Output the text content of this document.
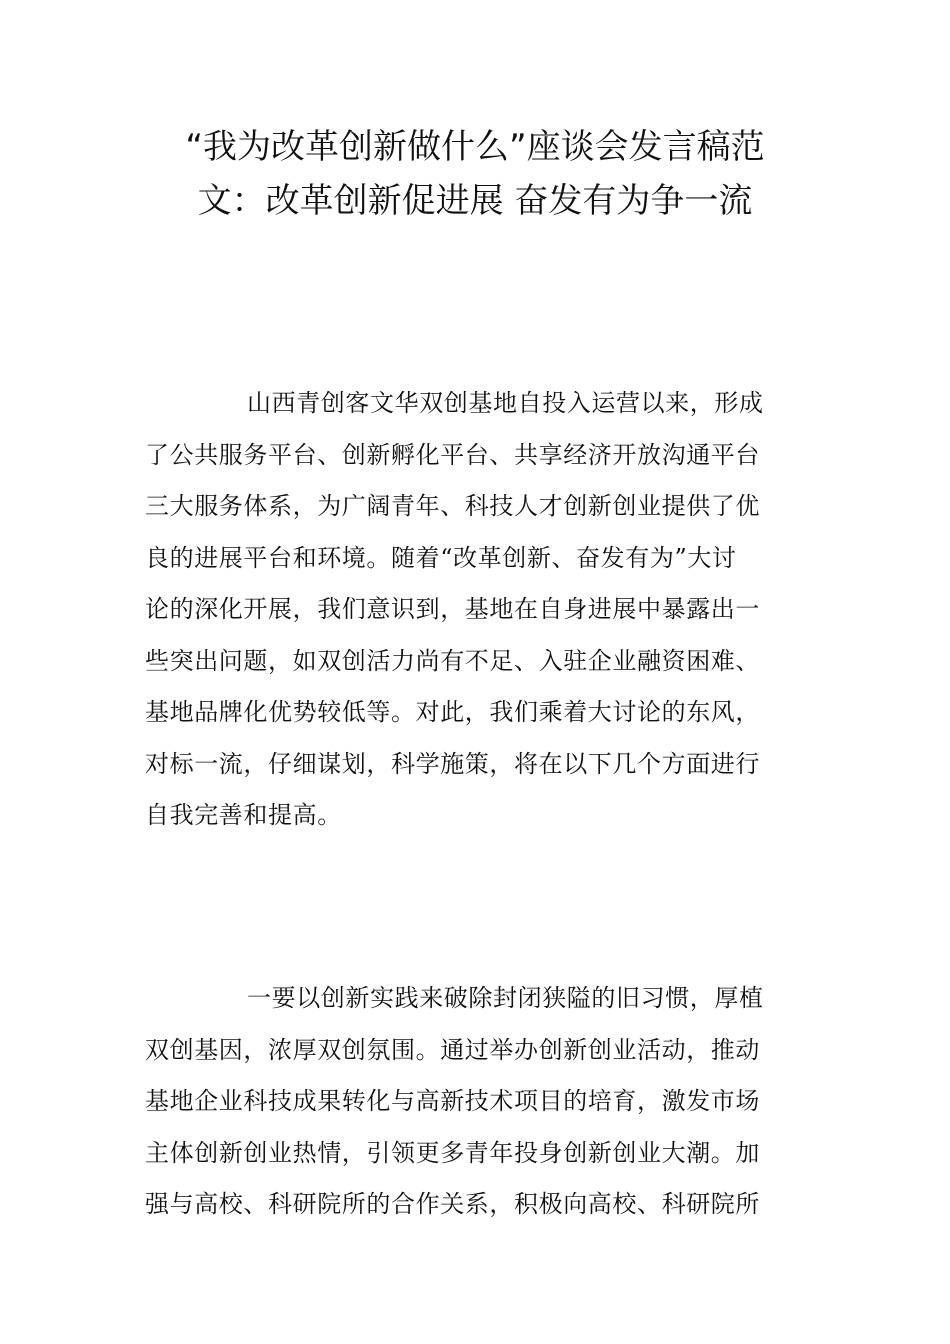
“我为改革创新做什么”座谈会发言稿范
文：改革创新促进展 奋发有为争一流

山西青创客文华双创基地自投入运营以来，形成
了公共服务平台、创新孵化平台、共享经济开放沟通平台
三大服务体系，为广阔青年、科技人才创新创业提供了优
良的进展平台和环境。随着“改革创新、奋发有为”大讨
论的深化开展，我们意识到，基地在自身进展中暴露出一
些突出问题，如双创活力尚有不足、入驻企业融资困难、
基地品牌化优势较低等。对此，我们乘着大讨论的东风，
对标一流，仔细谋划，科学施策，将在以下几个方面进行
自我完善和提高。

一要以创新实践来破除封闭狭隘的旧习惯，厚植
双创基因，浓厚双创氛围。通过举办创新创业活动，推动
基地企业科技成果转化与高新技术项目的培育，激发市场
主体创新创业热情，引领更多青年投身创新创业大潮。加
强与高校、科研院所的合作关系，积极向高校、科研院所
